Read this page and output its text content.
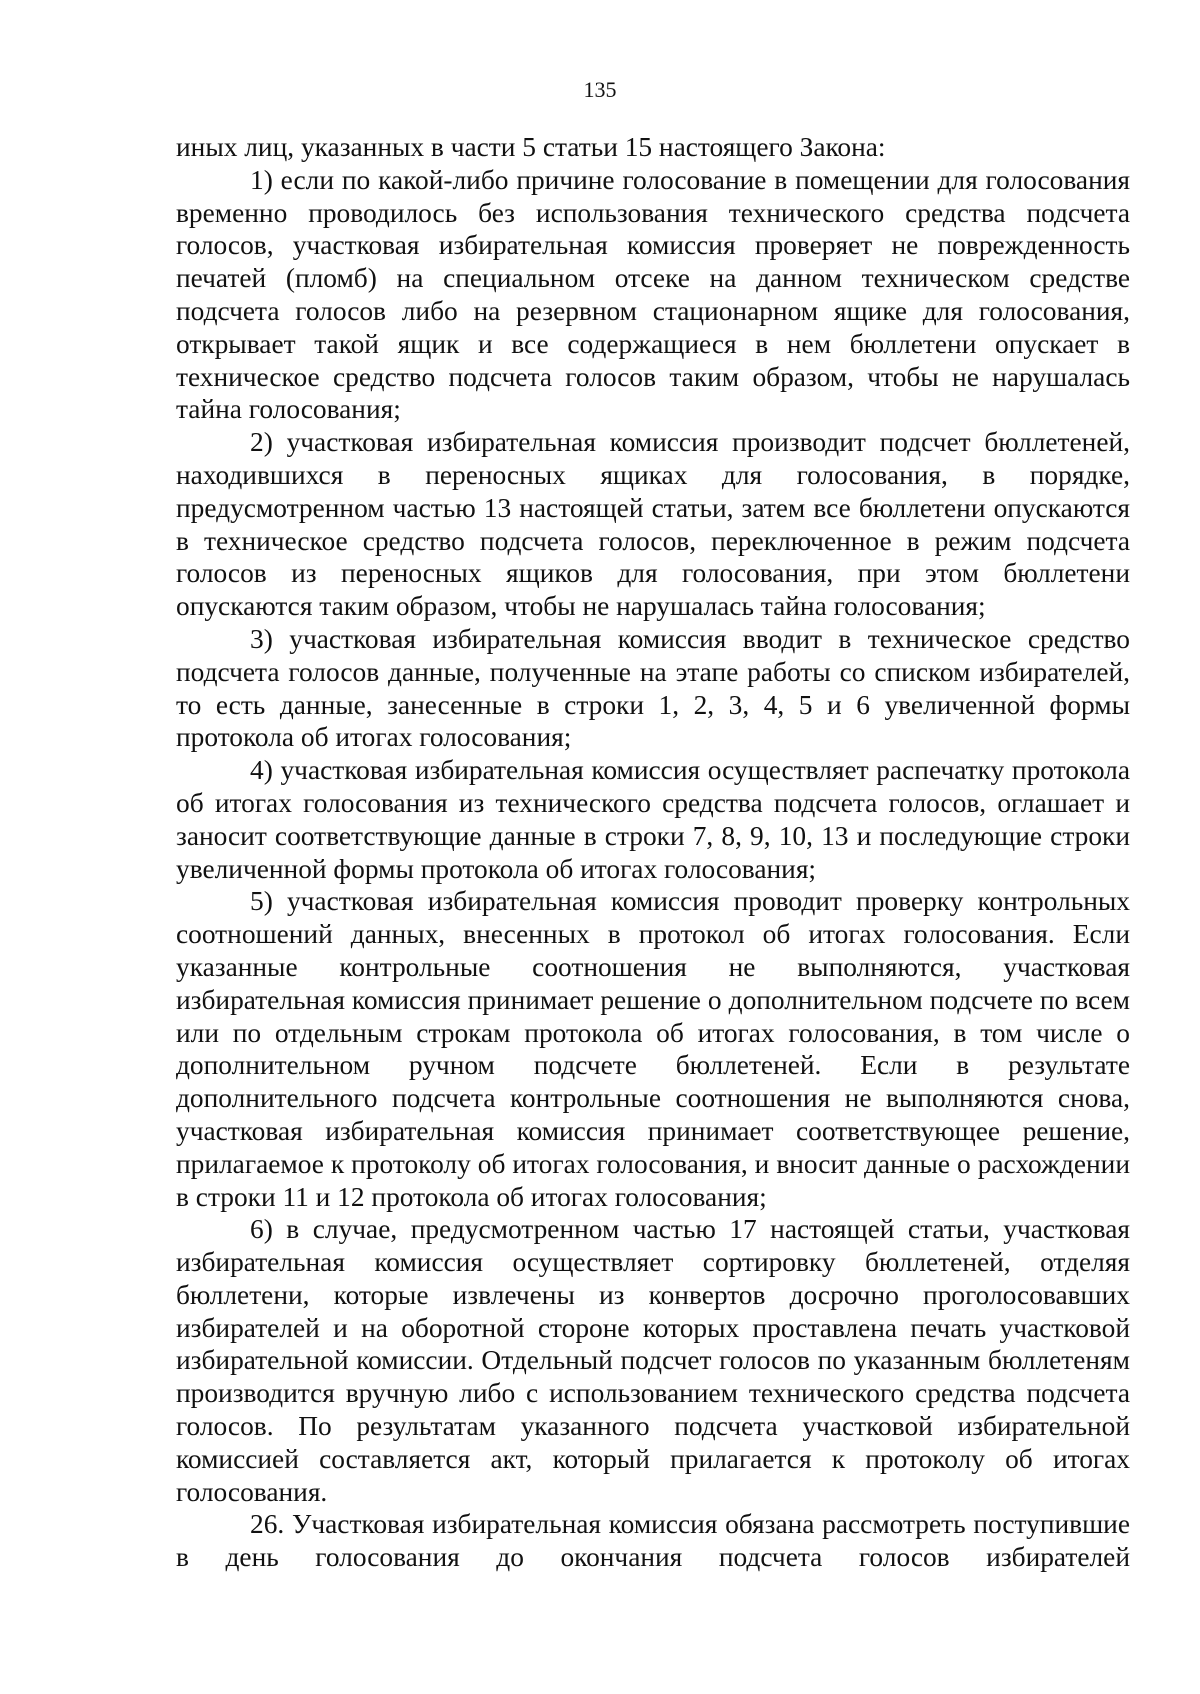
135

иных лиц, указанных в части 5 статьи 15 настоящего Закона:

1) если по какой-либо причине голосование в помещении для голосования временно проводилось без использования технического средства подсчета голосов, участковая избирательная комиссия проверяет не поврежденность печатей (пломб) на специальном отсеке на данном техническом средстве подсчета голосов либо на резервном стационарном ящике для голосования, открывает такой ящик и все содержащиеся в нем бюллетени опускает в техническое средство подсчета голосов таким образом, чтобы не нарушалась тайна голосования;

2) участковая избирательная комиссия производит подсчет бюллетеней, находившихся в переносных ящиках для голосования, в порядке, предусмотренном частью 13 настоящей статьи, затем все бюллетени опускаются в техническое средство подсчета голосов, переключенное в режим подсчета голосов из переносных ящиков для голосования, при этом бюллетени опускаются таким образом, чтобы не нарушалась тайна голосования;

3) участковая избирательная комиссия вводит в техническое средство подсчета голосов данные, полученные на этапе работы со списком избирателей, то есть данные, занесенные в строки 1, 2, 3, 4, 5 и 6 увеличенной формы протокола об итогах голосования;

4) участковая избирательная комиссия осуществляет распечатку протокола об итогах голосования из технического средства подсчета голосов, оглашает и заносит соответствующие данные в строки 7, 8, 9, 10, 13 и последующие строки увеличенной формы протокола об итогах голосования;

5) участковая избирательная комиссия проводит проверку контрольных соотношений данных, внесенных в протокол об итогах голосования. Если указанные контрольные соотношения не выполняются, участковая избирательная комиссия принимает решение о дополнительном подсчете по всем или по отдельным строкам протокола об итогах голосования, в том числе о дополнительном ручном подсчете бюллетеней. Если в результате дополнительного подсчета контрольные соотношения не выполняются снова, участковая избирательная комиссия принимает соответствующее решение, прилагаемое к протоколу об итогах голосования, и вносит данные о расхождении в строки 11 и 12 протокола об итогах голосования;

6) в случае, предусмотренном частью 17 настоящей статьи, участковая избирательная комиссия осуществляет сортировку бюллетеней, отделяя бюллетени, которые извлечены из конвертов досрочно проголосовавших избирателей и на оборотной стороне которых проставлена печать участковой избирательной комиссии. Отдельный подсчет голосов по указанным бюллетеням производится вручную либо с использованием технического средства подсчета голосов. По результатам указанного подсчета участковой избирательной комиссией составляется акт, который прилагается к протоколу об итогах голосования.

26. Участковая избирательная комиссия обязана рассмотреть поступившие в день голосования до окончания подсчета голосов избирателей
